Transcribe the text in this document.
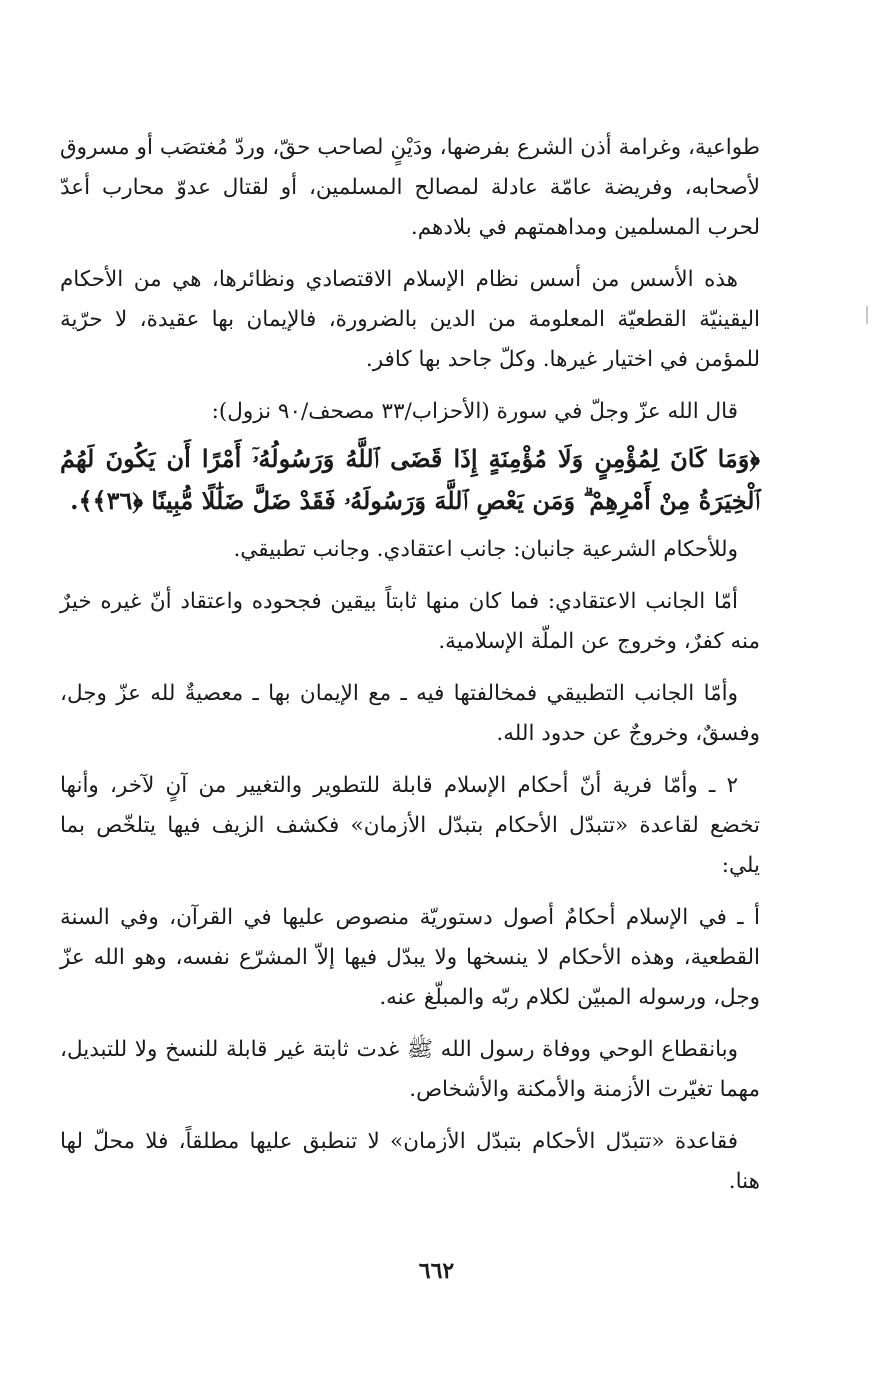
طواعية، وغرامة أذن الشرع بفرضها، ودَيْنٍ لصاحب حقّ، وردّ مُغتصَب أو مسروق لأصحابه، وفريضة عامّة عادلة لمصالح المسلمين، أو لقتال عدوّ محارب أعدّ لحرب المسلمين ومداهمتهم في بلادهم.

هذه الأسس من أسس نظام الإسلام الاقتصادي ونظائرها، هي من الأحكام اليقينيّة القطعيّة المعلومة من الدين بالضرورة، فالإيمان بها عقيدة، لا حرّية للمؤمن في اختيار غيرها. وكلّ جاحد بها كافر.

قال الله عزّ وجلّ في سورة (الأحزاب/٣٣ مصحف/٩٠ نزول):

﴿وَمَا كَانَ لِمُؤْمِنٍ وَلَا مُؤْمِنَةٍ إِذَا قَضَى ٱللَّهُ وَرَسُولُهُۥٓ أَمْرًا أَن يَكُونَ لَهُمُ ٱلْخِيَرَةُ مِنْ أَمْرِهِمْ ۗ وَمَن يَعْصِ ٱللَّهَ وَرَسُولَهُۥ فَقَدْ ضَلَّ ضَلَٰلًا مُّبِينًا ﴿٣٦﴾﴾.

وللأحكام الشرعية جانبان: جانب اعتقادي. وجانب تطبيقي.

أمّا الجانب الاعتقادي: فما كان منها ثابتاً بيقين فجحوده واعتقاد أنّ غيره خيرٌ منه كفرٌ، وخروج عن الملّة الإسلامية.

وأمّا الجانب التطبيقي فمخالفتها فيه ـ مع الإيمان بها ـ معصيةٌ لله عزّ وجل، وفسقٌ، وخروجٌ عن حدود الله.

٢ ـ وأمّا فرية أنّ أحكام الإسلام قابلة للتطوير والتغيير من آنٍ لآخر، وأنها تخضع لقاعدة «تتبدّل الأحكام بتبدّل الأزمان» فكشف الزيف فيها يتلخّص بما يلي:

أ ـ في الإسلام أحكامٌ أصول دستوريّة منصوص عليها في القرآن، وفي السنة القطعية، وهذه الأحكام لا ينسخها ولا يبدّل فيها إلاّ المشرّع نفسه، وهو الله عزّ وجل، ورسوله المبيّن لكلام ربّه والمبلّغ عنه.

وبانقطاع الوحي ووفاة رسول الله ﷺ غدت ثابتة غير قابلة للنسخ ولا للتبديل، مهما تغيّرت الأزمنة والأمكنة والأشخاص.

فقاعدة «تتبدّل الأحكام بتبدّل الأزمان» لا تنطبق عليها مطلقاً، فلا محلّ لها هنا.

٦٦٢
